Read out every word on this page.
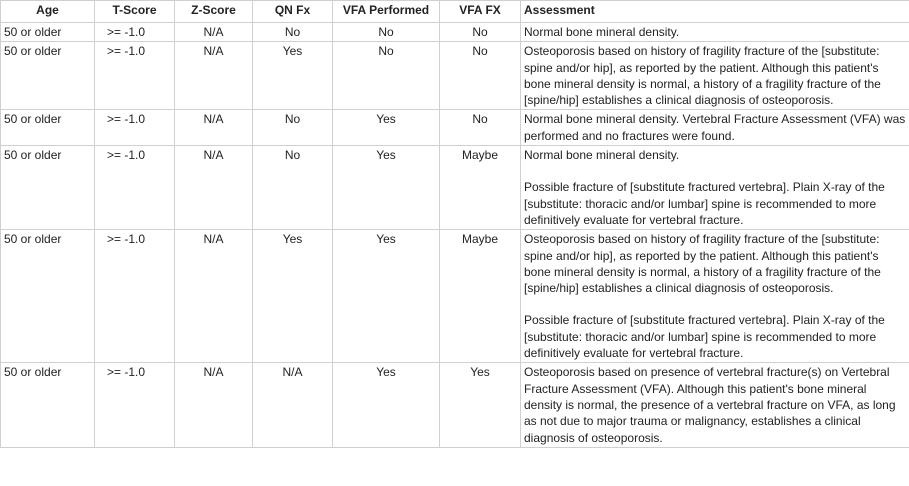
Age	T-Score	Z-Score	QN Fx	VFA Performed	VFA FX	Assessment
50 or older	>= -1.0	N/A	No	No	No	Normal bone mineral density.

50 or older	>= -1.0	N/A	Yes	No	No	Osteoporosis based on history of fragility fracture of the [substitute: spine and/or hip], as reported by the patient. Although this patient's bone mineral density is normal, a history of a fragility fracture of the [spine/hip] establishes a clinical diagnosis of osteoporosis.

50 or older	>= -1.0	N/A	No	Yes	No	Normal bone mineral density. Vertebral Fracture Assessment (VFA) was performed and no fractures were found.

50 or older	>= -1.0	N/A	No	Yes	Maybe	Normal bone mineral density.
Possible fracture of [substitute fractured vertebra]. Plain X-ray of the [substitute: thoracic and/or lumbar] spine is recommended to more definitively evaluate for vertebral fracture.

50 or older	>= -1.0	N/A	Yes	Yes	Maybe	Osteoporosis based on history of fragility fracture of the [substitute: spine and/or hip], as reported by the patient. Although this patient's bone mineral density is normal, a history of a fragility fracture of the [spine/hip] establishes a clinical diagnosis of osteoporosis.
Possible fracture of [substitute fractured vertebra]. Plain X-ray of the [substitute: thoracic and/or lumbar] spine is recommended to more definitively evaluate for vertebral fracture.

50 or older	>= -1.0	N/A	N/A	Yes	Yes	Osteoporosis based on presence of vertebral fracture(s) on Vertebral Fracture Assessment (VFA). Although this patient's bone mineral density is normal, the presence of a vertebral fracture on VFA, as long as not due to major trauma or malignancy, establishes a clinical diagnosis of osteoporosis.
